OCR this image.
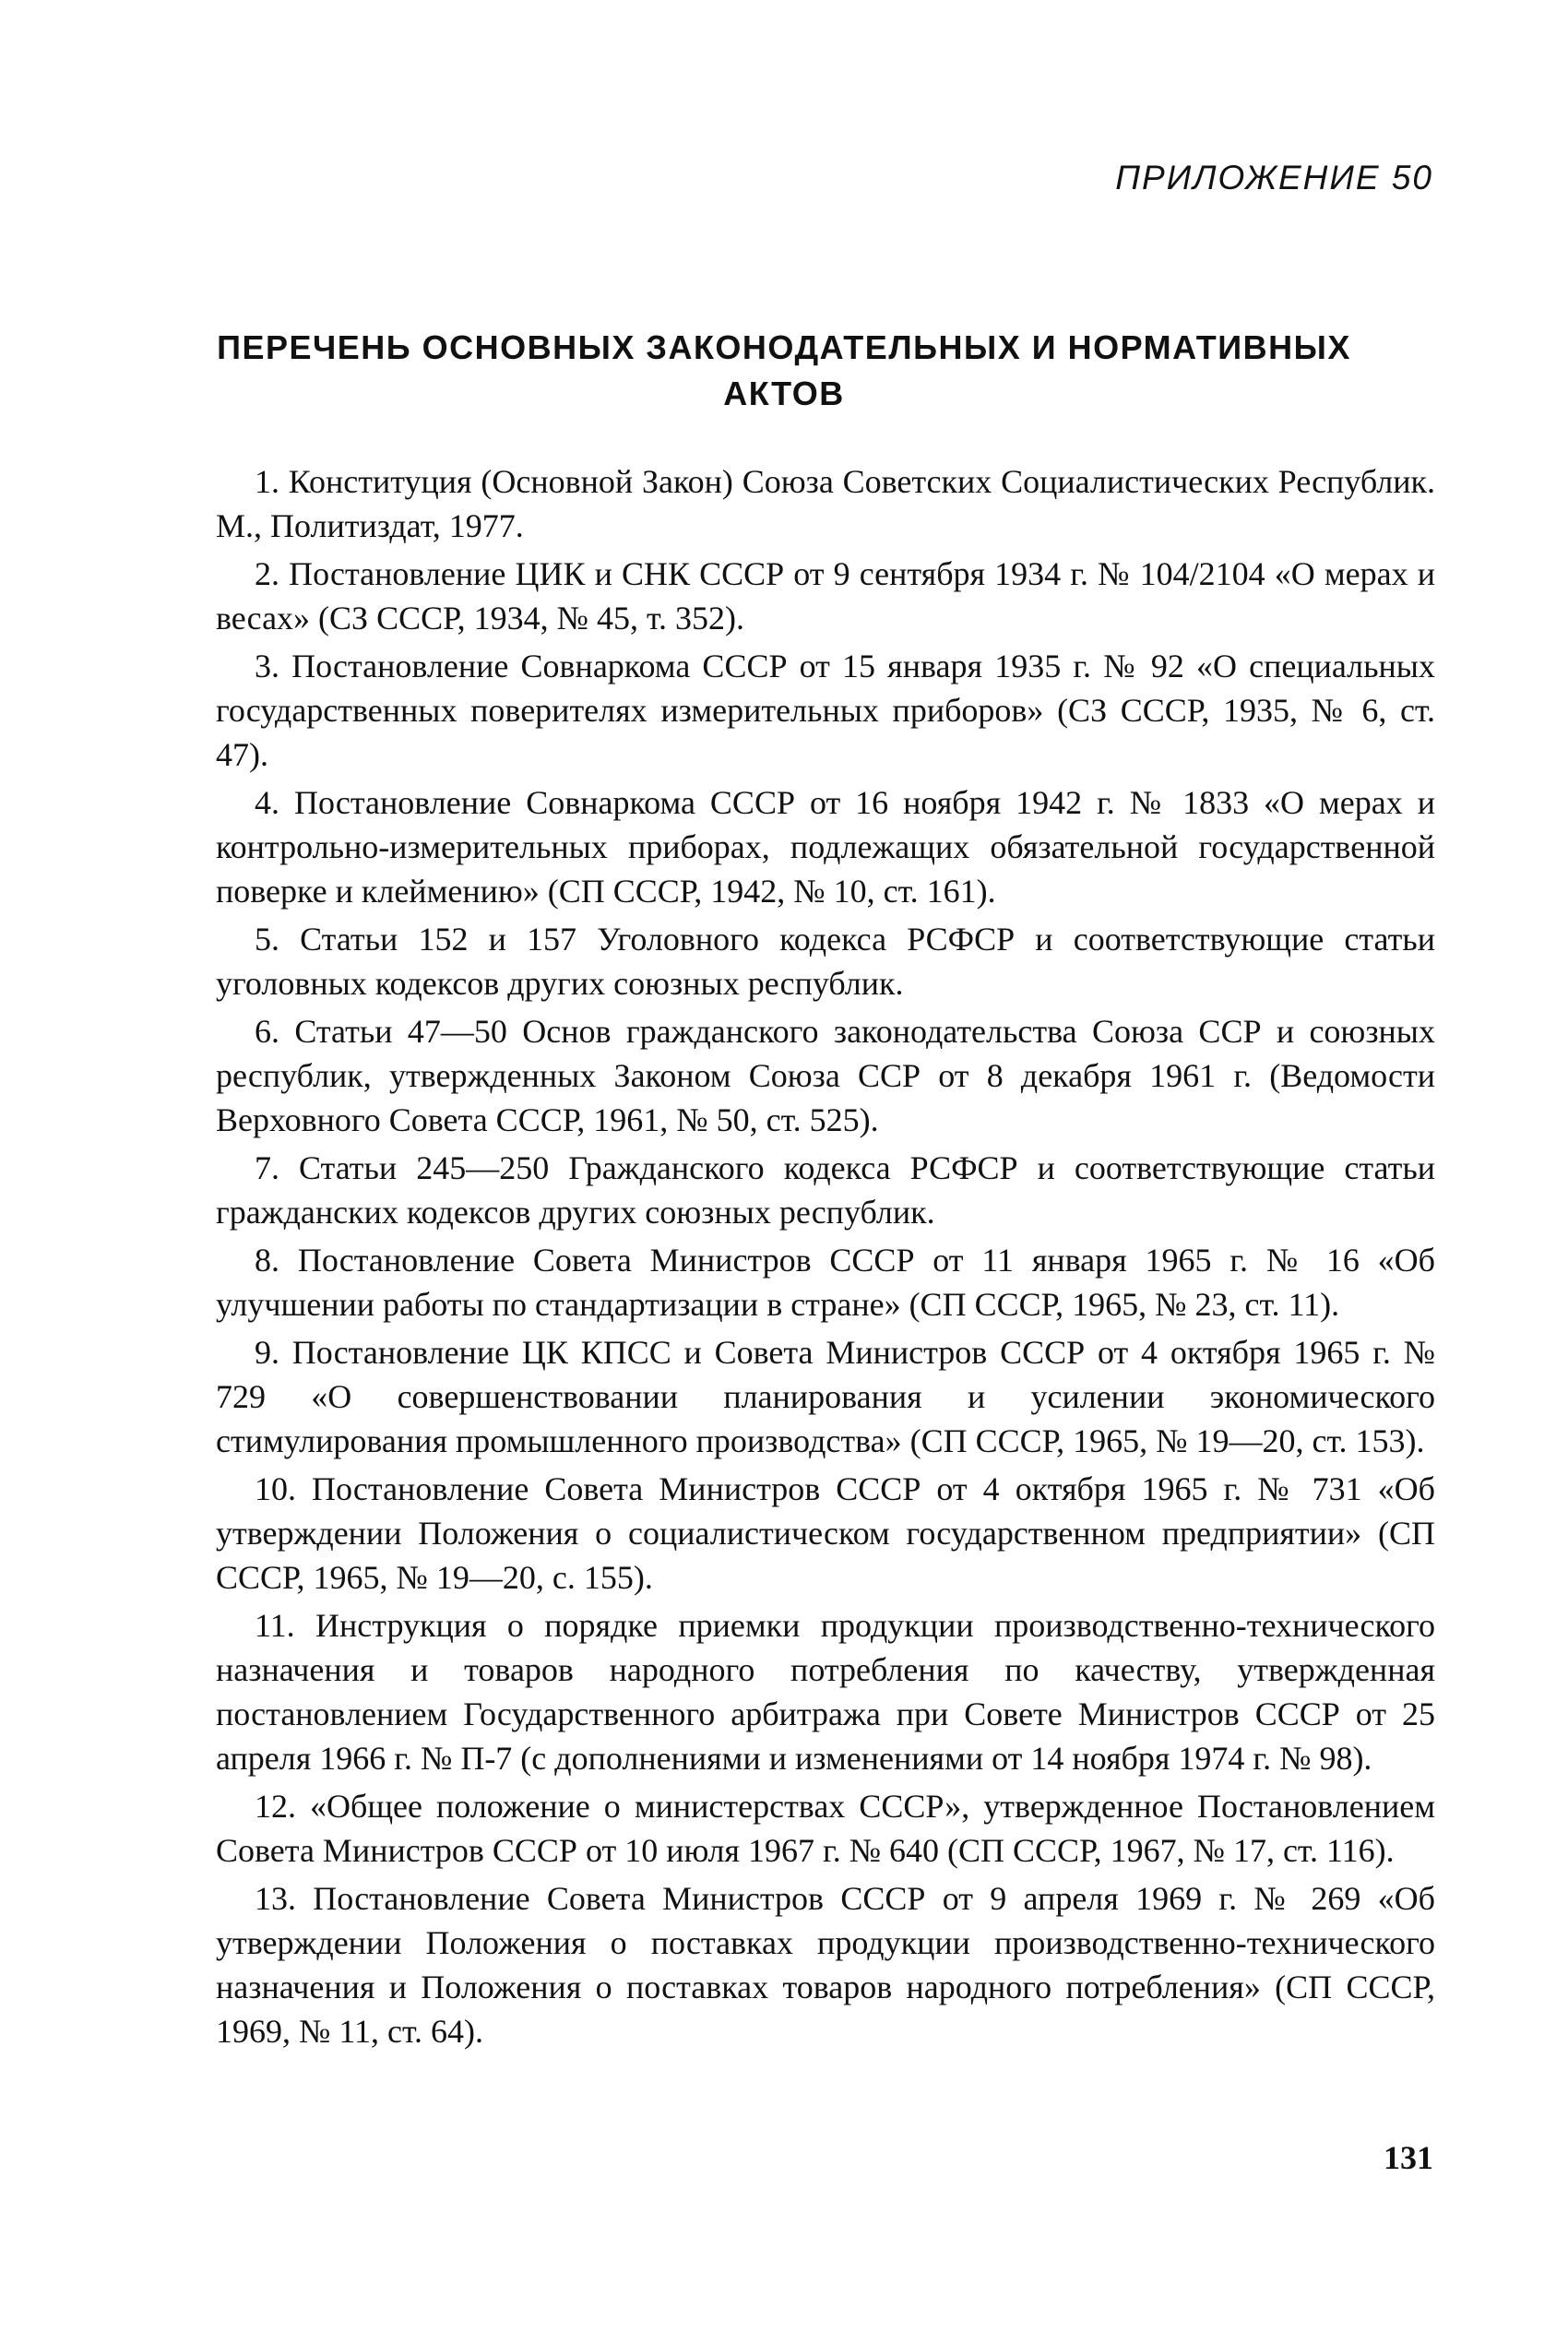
ПРИЛОЖЕНИЕ 50
ПЕРЕЧЕНЬ ОСНОВНЫХ ЗАКОНОДАТЕЛЬНЫХ И НОРМАТИВНЫХ
АКТОВ
1. Конституция (Основной Закон) Союза Советских Социалистических Республик. М., Политиздат, 1977.
2. Постановление ЦИК и СНК СССР от 9 сентября 1934 г. № 104/2104 «О мерах и весах» (СЗ СССР, 1934, № 45, т. 352).
3. Постановление Совнаркома СССР от 15 января 1935 г. № 92 «О специальных государственных поверителях измерительных приборов» (СЗ СССР, 1935, № 6, ст. 47).
4. Постановление Совнаркома СССР от 16 ноября 1942 г. № 1833 «О мерах и контрольно-измерительных приборах, подлежащих обязательной государственной поверке и клеймению» (СП СССР, 1942, № 10, ст. 161).
5. Статьи 152 и 157 Уголовного кодекса РСФСР и соответствующие статьи уголовных кодексов других союзных республик.
6. Статьи 47—50 Основ гражданского законодательства Союза ССР и союзных республик, утвержденных Законом Союза ССР от 8 декабря 1961 г. (Ведомости Верховного Совета СССР, 1961, № 50, ст. 525).
7. Статьи 245—250 Гражданского кодекса РСФСР и соответствующие статьи гражданских кодексов других союзных республик.
8. Постановление Совета Министров СССР от 11 января 1965 г. № 16 «Об улучшении работы по стандартизации в стране» (СП СССР, 1965, № 23, ст. 11).
9. Постановление ЦК КПСС и Совета Министров СССР от 4 октября 1965 г. № 729 «О совершенствовании планирования и усилении экономического стимулирования промышленного производства» (СП СССР, 1965, № 19—20, ст. 153).
10. Постановление Совета Министров СССР от 4 октября 1965 г. № 731 «Об утверждении Положения о социалистическом государственном предприятии» (СП СССР, 1965, № 19—20, с. 155).
11. Инструкция о порядке приемки продукции производственно-технического назначения и товаров народного потребления по качеству, утвержденная постановлением Государственного арбитража при Совете Министров СССР от 25 апреля 1966 г. № П-7 (с дополнениями и изменениями от 14 ноября 1974 г. № 98).
12. «Общее положение о министерствах СССР», утвержденное Постановлением Совета Министров СССР от 10 июля 1967 г. № 640 (СП СССР, 1967, № 17, ст. 116).
13. Постановление Совета Министров СССР от 9 апреля 1969 г. № 269 «Об утверждении Положения о поставках продукции производственно-технического назначения и Положения о поставках товаров народного потребления» (СП СССР, 1969, № 11, ст. 64).
131
